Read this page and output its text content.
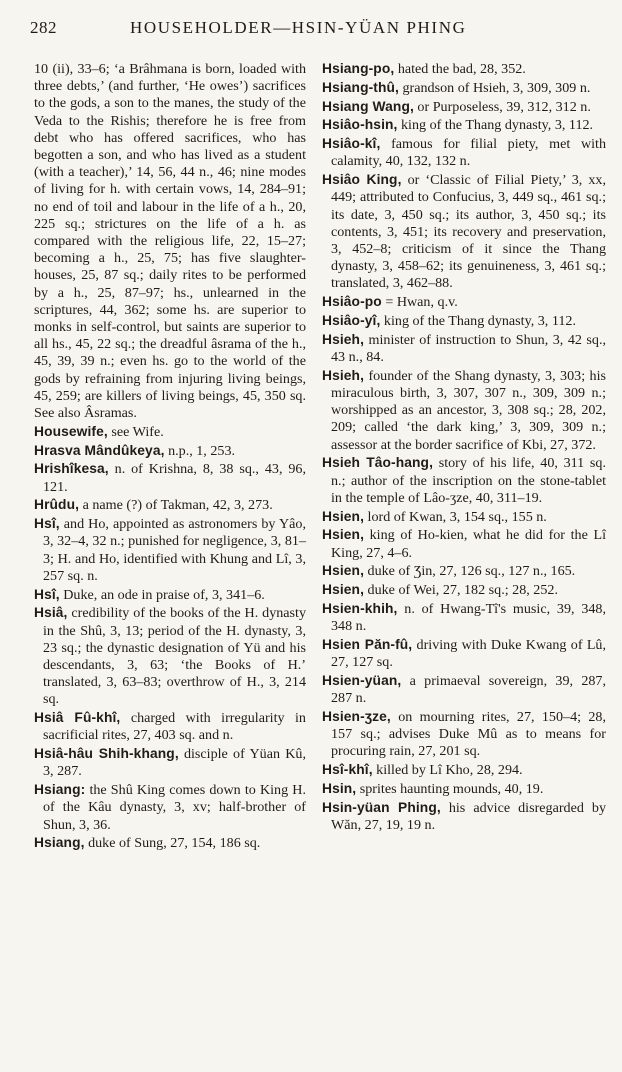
282	HOUSEHOLDER—HSIN-YÜAN PHING

10 (ii), 33–6; ‘a Brâhmana is born, loaded with three debts,’ (and further, ‘He owes’) sacrifices to the gods, a son to the manes, the study of the Veda to the Rishis; therefore he is free from debt who has offered sacrifices, who has begotten a son, and who has lived as a student (with a teacher),’ 14, 56, 44 n., 46; nine modes of living for h. with certain vows, 14, 284–91; no end of toil and labour in the life of a h., 20, 225 sq.; strictures on the life of a h. as compared with the religious life, 22, 15–27; becoming a h., 25, 75; has five slaughter-houses, 25, 87 sq.; daily rites to be performed by a h., 25, 87–97; hs., unlearned in the scriptures, 44, 362; some hs. are superior to monks in self-control, but saints are superior to all hs., 45, 22 sq.; the dreadful âsrama of the h., 45, 39, 39 n.; even hs. go to the world of the gods by refraining from injuring living beings, 45, 259; are killers of living beings, 45, 350 sq. See also Âsramas.

Housewife, see Wife.

Hrasva Mândûkeya, n.p., 1, 253.

Hrishîkesa, n. of Krishna, 8, 38 sq., 43, 96, 121.

Hrûdu, a name (?) of Takman, 42, 3, 273.

Hsî, and Ho, appointed as astronomers by Yâo, 3, 32–4, 32 n.; punished for negligence, 3, 81–3; H. and Ho, identified with Khung and Lî, 3, 257 sq. n.

Hsî, Duke, an ode in praise of, 3, 341–6.

Hsiâ, credibility of the books of the H. dynasty in the Shû, 3, 13; period of the H. dynasty, 3, 23 sq.; the dynastic designation of Yü and his descendants, 3, 63; ‘the Books of H.’ translated, 3, 63–83; overthrow of H., 3, 214 sq.

Hsiâ Fû-khî, charged with irregularity in sacrificial rites, 27, 403 sq. and n.

Hsiâ-hâu Shih-khang, disciple of Yüan Kû, 3, 287.

Hsiang: the Shû King comes down to King H. of the Kâu dynasty, 3, xv; half-brother of Shun, 3, 36.

Hsiang, duke of Sung, 27, 154, 186 sq.

Hsiang-po, hated the bad, 28, 352.

Hsiang-thû, grandson of Hsieh, 3, 309, 309 n.

Hsiang Wang, or Purposeless, 39, 312, 312 n.

Hsiâo-hsin, king of the Thang dynasty, 3, 112.

Hsiâo-kî, famous for filial piety, met with calamity, 40, 132, 132 n.

Hsiâo King, or ‘Classic of Filial Piety,’ 3, xx, 449; attributed to Confucius, 3, 449 sq., 461 sq.; its date, 3, 450 sq.; its author, 3, 450 sq.; its contents, 3, 451; its recovery and preservation, 3, 452–8; criticism of it since the Thang dynasty, 3, 458–62; its genuineness, 3, 461 sq.; translated, 3, 462–88.

Hsiâo-po = Hwan, q.v.

Hsiâo-yî, king of the Thang dynasty, 3, 112.

Hsieh, minister of instruction to Shun, 3, 42 sq., 43 n., 84.

Hsieh, founder of the Shang dynasty, 3, 303; his miraculous birth, 3, 307, 307 n., 309, 309 n.; worshipped as an ancestor, 3, 308 sq.; 28, 202, 209; called ‘the dark king,’ 3, 309, 309 n.; assessor at the border sacrifice of Kbi, 27, 372.

Hsieh Tâo-hang, story of his life, 40, 311 sq. n.; author of the inscription on the stone-tablet in the temple of Lâo-ʒze, 40, 311–19.

Hsien, lord of Kwan, 3, 154 sq., 155 n.

Hsien, king of Ho-kien, what he did for the Lî King, 27, 4–6.

Hsien, duke of Ʒin, 27, 126 sq., 127 n., 165.

Hsien, duke of Wei, 27, 182 sq.; 28, 252.

Hsien-khih, n. of Hwang-Tî's music, 39, 348, 348 n.

Hsien Păn-fû, driving with Duke Kwang of Lû, 27, 127 sq.

Hsien-yüan, a primaeval sovereign, 39, 287, 287 n.

Hsien-ʒze, on mourning rites, 27, 150–4; 28, 157 sq.; advises Duke Mû as to means for procuring rain, 27, 201 sq.

Hsî-khî, killed by Lî Kho, 28, 294.

Hsin, sprites haunting mounds, 40, 19.

Hsin-yüan Phing, his advice disregarded by Wăn, 27, 19, 19 n.
